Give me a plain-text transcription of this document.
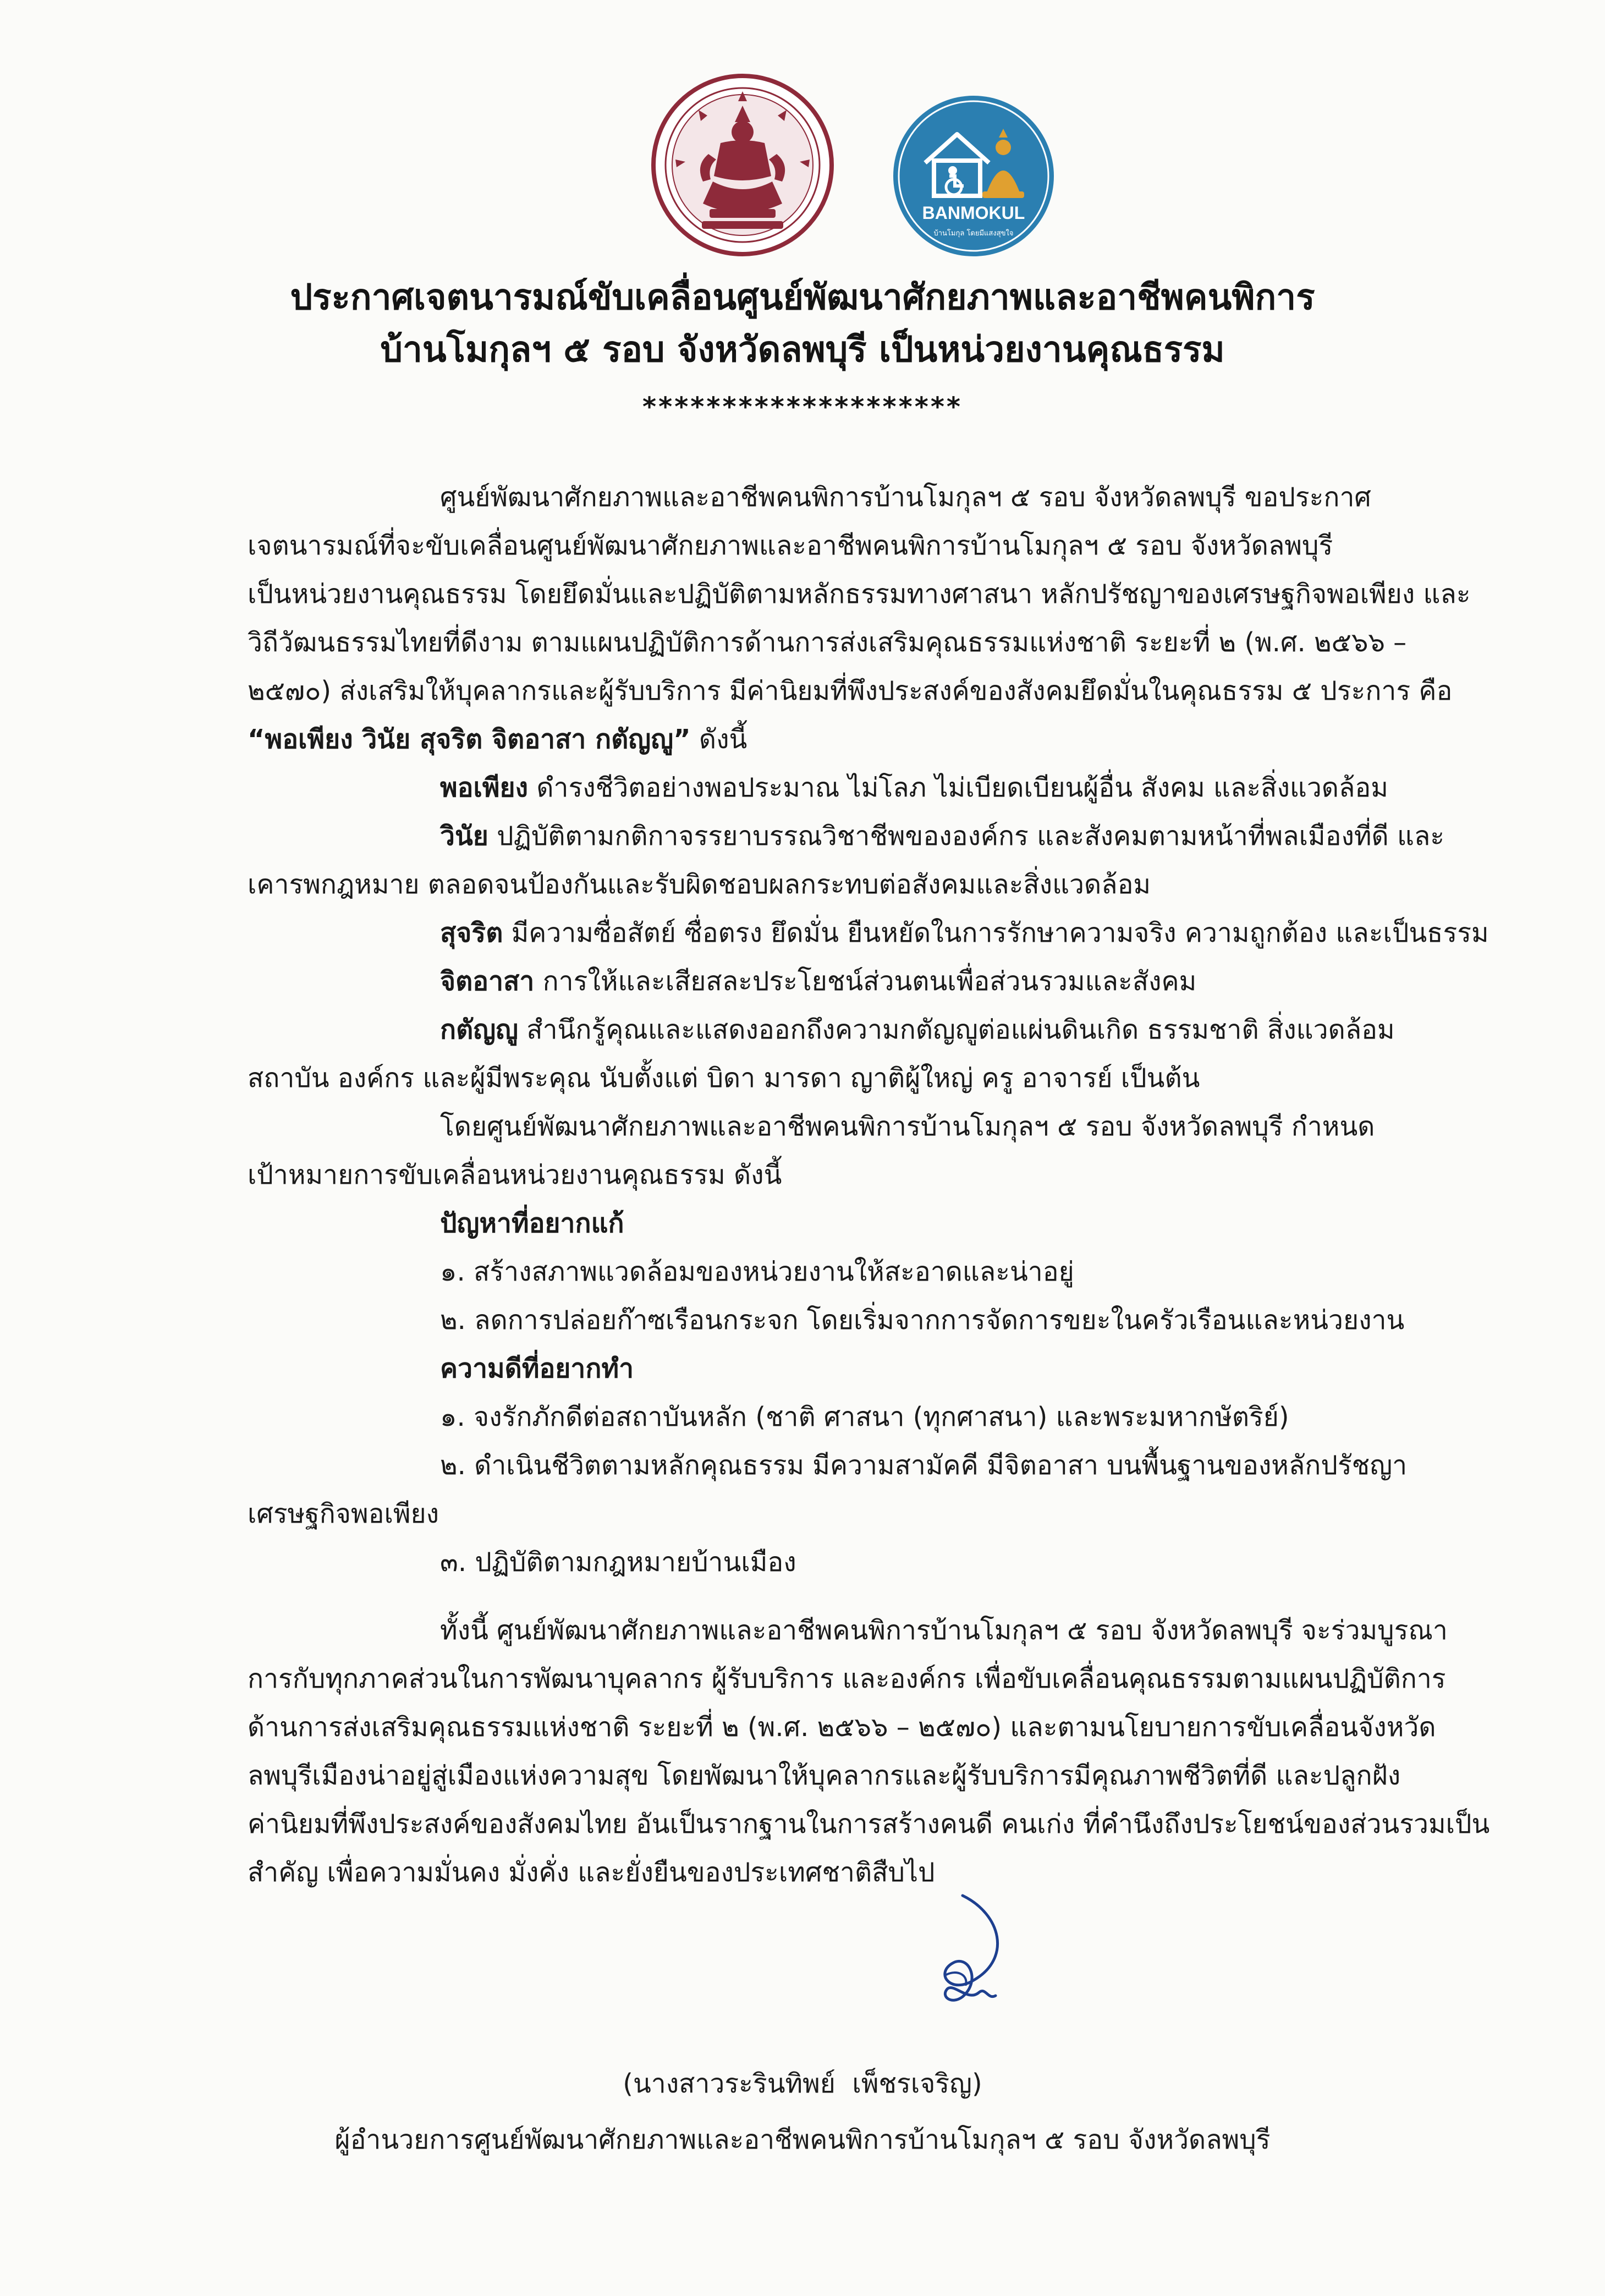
BANMOKUL
บ้านโมกุล โดยมีแสงสุขใจ
ประกาศเจตนารมณ์ขับเคลื่อนศูนย์พัฒนาศักยภาพและอาชีพคนพิการ
บ้านโมกุลฯ ๕ รอบ จังหวัดลพบุรี เป็นหน่วยงานคุณธรรม
********************
ศูนย์พัฒนาศักยภาพและอาชีพคนพิการบ้านโมกุลฯ ๕ รอบ จังหวัดลพบุรี ขอประกาศ
เจตนารมณ์ที่จะขับเคลื่อนศูนย์พัฒนาศักยภาพและอาชีพคนพิการบ้านโมกุลฯ ๕ รอบ จังหวัดลพบุรี
เป็นหน่วยงานคุณธรรม โดยยึดมั่นและปฏิบัติตามหลักธรรมทางศาสนา หลักปรัชญาของเศรษฐกิจพอเพียง และ
วิถีวัฒนธรรมไทยที่ดีงาม ตามแผนปฏิบัติการด้านการส่งเสริมคุณธรรมแห่งชาติ ระยะที่ ๒ (พ.ศ. ๒๕๖๖ –
๒๕๗๐) ส่งเสริมให้บุคลากรและผู้รับบริการ มีค่านิยมที่พึงประสงค์ของสังคมยึดมั่นในคุณธรรม ๕ ประการ คือ
“พอเพียง วินัย สุจริต จิตอาสา กตัญญู” ดังนี้
พอเพียง ดำรงชีวิตอย่างพอประมาณ ไม่โลภ ไม่เบียดเบียนผู้อื่น สังคม และสิ่งแวดล้อม
วินัย ปฏิบัติตามกติกาจรรยาบรรณวิชาชีพขององค์กร และสังคมตามหน้าที่พลเมืองที่ดี และ
เคารพกฎหมาย ตลอดจนป้องกันและรับผิดชอบผลกระทบต่อสังคมและสิ่งแวดล้อม
สุจริต มีความซื่อสัตย์ ซื่อตรง ยึดมั่น ยืนหยัดในการรักษาความจริง ความถูกต้อง และเป็นธรรม
จิตอาสา การให้และเสียสละประโยชน์ส่วนตนเพื่อส่วนรวมและสังคม
กตัญญู สำนึกรู้คุณและแสดงออกถึงความกตัญญูต่อแผ่นดินเกิด ธรรมชาติ สิ่งแวดล้อม
สถาบัน องค์กร และผู้มีพระคุณ นับตั้งแต่ บิดา มารดา ญาติผู้ใหญ่ ครู อาจารย์ เป็นต้น
โดยศูนย์พัฒนาศักยภาพและอาชีพคนพิการบ้านโมกุลฯ ๕ รอบ จังหวัดลพบุรี กำหนด
เป้าหมายการขับเคลื่อนหน่วยงานคุณธรรม ดังนี้
ปัญหาที่อยากแก้
๑. สร้างสภาพแวดล้อมของหน่วยงานให้สะอาดและน่าอยู่
๒. ลดการปล่อยก๊าซเรือนกระจก โดยเริ่มจากการจัดการขยะในครัวเรือนและหน่วยงาน
ความดีที่อยากทำ
๑. จงรักภักดีต่อสถาบันหลัก (ชาติ ศาสนา (ทุกศาสนา) และพระมหากษัตริย์)
๒. ดำเนินชีวิตตามหลักคุณธรรม มีความสามัคคี มีจิตอาสา บนพื้นฐานของหลักปรัชญา
เศรษฐกิจพอเพียง
๓. ปฏิบัติตามกฎหมายบ้านเมือง
ทั้งนี้ ศูนย์พัฒนาศักยภาพและอาชีพคนพิการบ้านโมกุลฯ ๕ รอบ จังหวัดลพบุรี จะร่วมบูรณา
การกับทุกภาคส่วนในการพัฒนาบุคลากร ผู้รับบริการ และองค์กร เพื่อขับเคลื่อนคุณธรรมตามแผนปฏิบัติการ
ด้านการส่งเสริมคุณธรรมแห่งชาติ ระยะที่ ๒ (พ.ศ. ๒๕๖๖ – ๒๕๗๐) และตามนโยบายการขับเคลื่อนจังหวัด
ลพบุรีเมืองน่าอยู่สู่เมืองแห่งความสุข โดยพัฒนาให้บุคลากรและผู้รับบริการมีคุณภาพชีวิตที่ดี และปลูกฝัง
ค่านิยมที่พึงประสงค์ของสังคมไทย อันเป็นรากฐานในการสร้างคนดี คนเก่ง ที่คำนึงถึงประโยชน์ของส่วนรวมเป็น
สำคัญ เพื่อความมั่นคง มั่งคั่ง และยั่งยืนของประเทศชาติสืบไป
(นางสาวระรินทิพย์  เพ็ชรเจริญ)
ผู้อำนวยการศูนย์พัฒนาศักยภาพและอาชีพคนพิการบ้านโมกุลฯ ๕ รอบ จังหวัดลพบุรี
